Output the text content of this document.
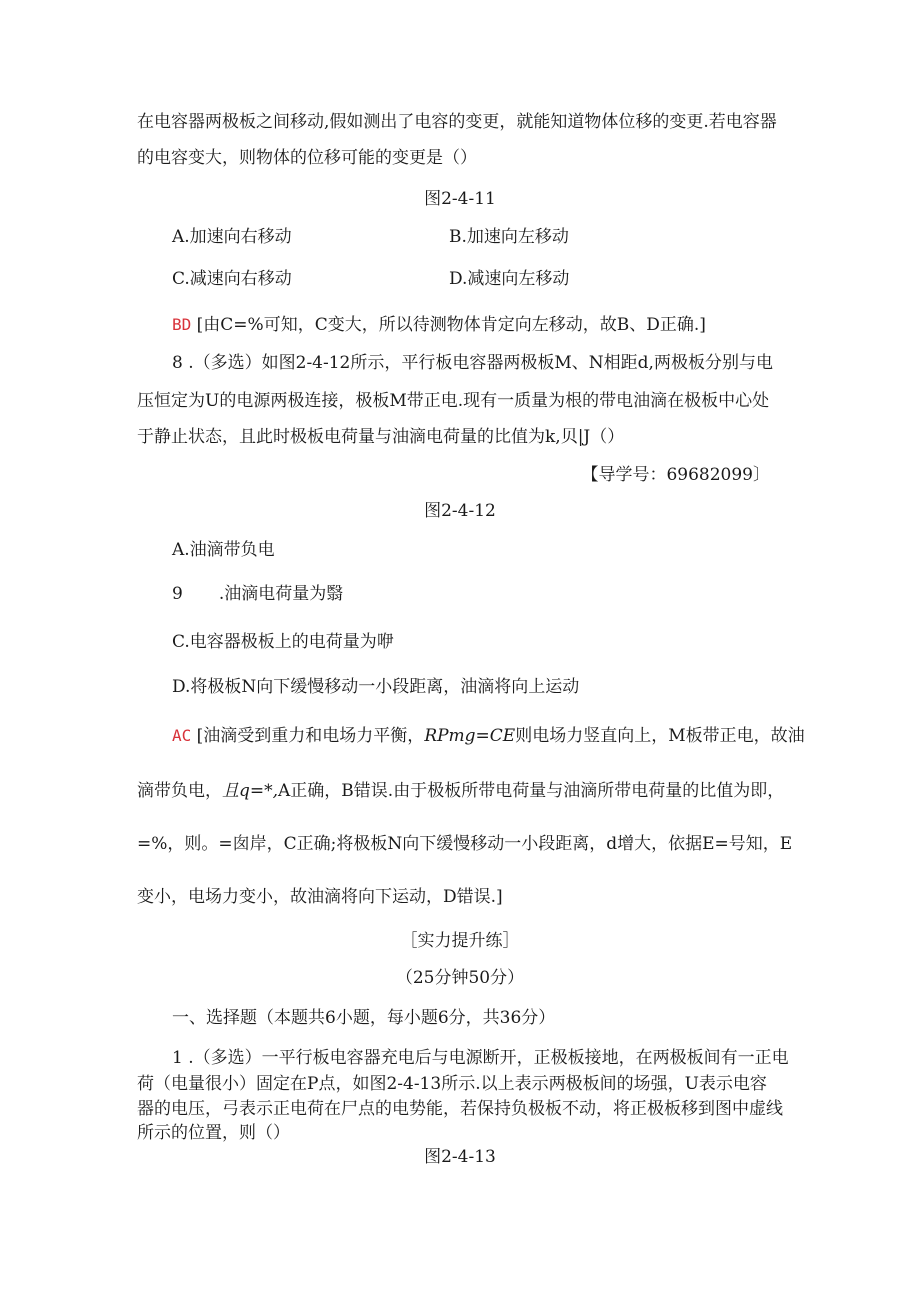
在电容器两极板之间移动,假如测出了电容的变更，就能知道物体位移的变更.若电容器
的电容变大，则物体的位移可能的变更是（）
图2-4-11
A.加速向右移动	B.加速向左移动
C.减速向右移动	D.减速向左移动
BD [由C=%可知，C变大，所以待测物体肯定向左移动，故B、D正确.]
8 .（多选）如图2-4-12所示，平行板电容器两极板M、N相距d,两极板分别与电
压恒定为U的电源两极连接，极板M带正电.现有一质量为根的带电油滴在极板中心处
于静止状态，且此时极板电荷量与油滴电荷量的比值为k,贝|J（）
【导学号：69682099〕
图2-4-12
A.油滴带负电
9 .油滴电荷量为翳
C.电容器极板上的电荷量为咿
D.将极板N向下缓慢移动一小段距离，油滴将向上运动
AC [油滴受到重力和电场力平衡，RPmg=CE则电场力竖直向上，M板带正电，故油
滴带负电，且q=*,A正确，B错误.由于极板所带电荷量与油滴所带电荷量的比值为即，
=%，则。=囱岸，C正确;将极板N向下缓慢移动一小段距离，d增大，依据E=号知，E
变小，电场力变小，故油滴将向下运动，D错误.]
［实力提升练］
（25分钟50分）
一、选择题（本题共6小题，每小题6分，共36分）
1 .（多选）一平行板电容器充电后与电源断开，正极板接地，在两极板间有一正电
荷（电量很小）固定在P点，如图2-4-13所示.以上表示两极板间的场强，U表示电容
器的电压，弓表示正电荷在尸点的电势能，若保持负极板不动，将正极板移到图中虚线
所示的位置，则（）
图2-4-13
